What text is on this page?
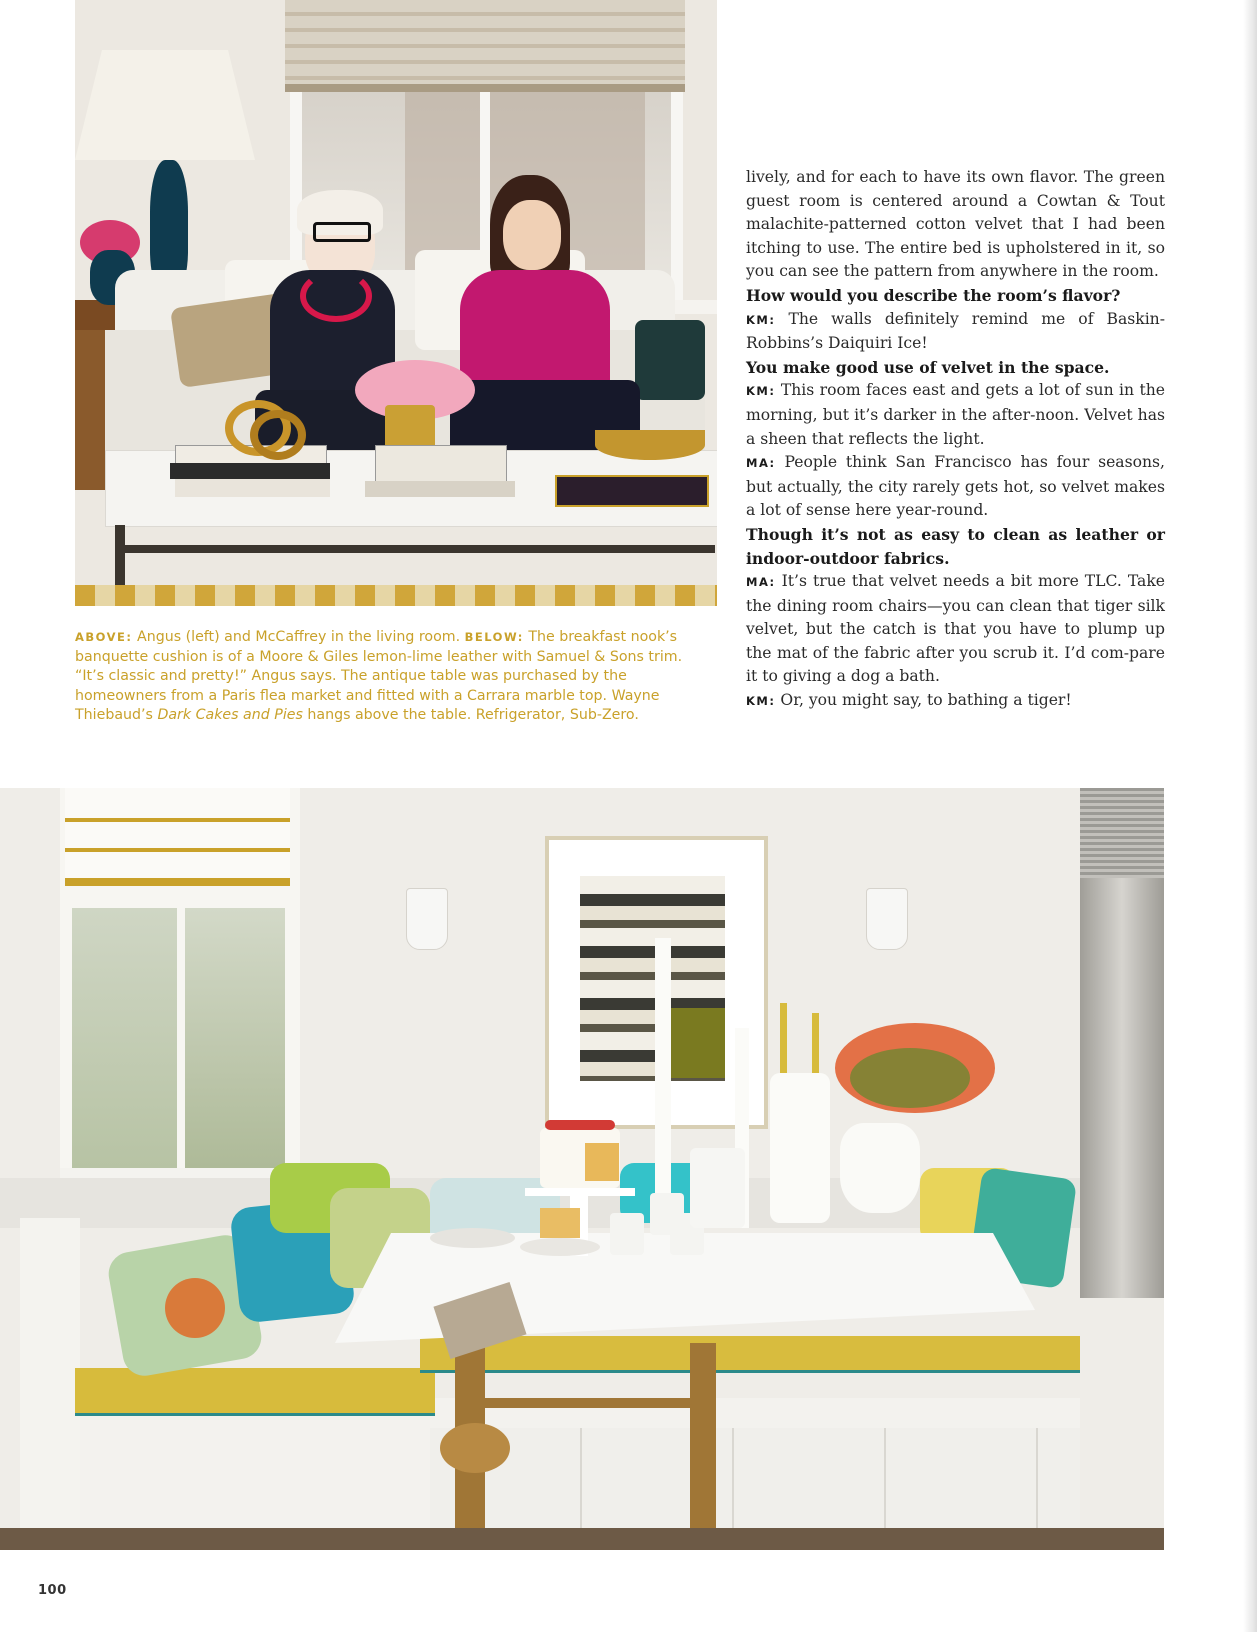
ABOVE: Angus (left) and McCaffrey in the living room. BELOW: The breakfast nook’s banquette cushion is of a Moore & Giles lemon-lime leather with Samuel & Sons trim. “It’s classic and pretty!” Angus says. The antique table was purchased by the homeowners from a Paris flea market and fitted with a Carrara marble top. Wayne Thiebaud’s Dark Cakes and Pies hangs above the table. Refrigerator, Sub-Zero.

lively, and for each to have its own flavor. The green guest room is centered around a Cowtan & Tout malachite-patterned cotton velvet that I had been itching to use. The entire bed is upholstered in it, so you can see the pattern from anywhere in the room.

How would you describe the room’s flavor?

KM: The walls definitely remind me of Baskin-Robbins’s Daiquiri Ice!

You make good use of velvet in the space.

KM: This room faces east and gets a lot of sun in the morning, but it’s darker in the after-noon. Velvet has a sheen that reflects the light.

MA: People think San Francisco has four seasons, but actually, the city rarely gets hot, so velvet makes a lot of sense here year-round.

Though it’s not as easy to clean as leather or indoor-outdoor fabrics.

MA: It’s true that velvet needs a bit more TLC. Take the dining room chairs—you can clean that tiger silk velvet, but the catch is that you have to plump up the mat of the fabric after you scrub it. I’d com-pare it to giving a dog a bath.

KM: Or, you might say, to bathing a tiger!

100
